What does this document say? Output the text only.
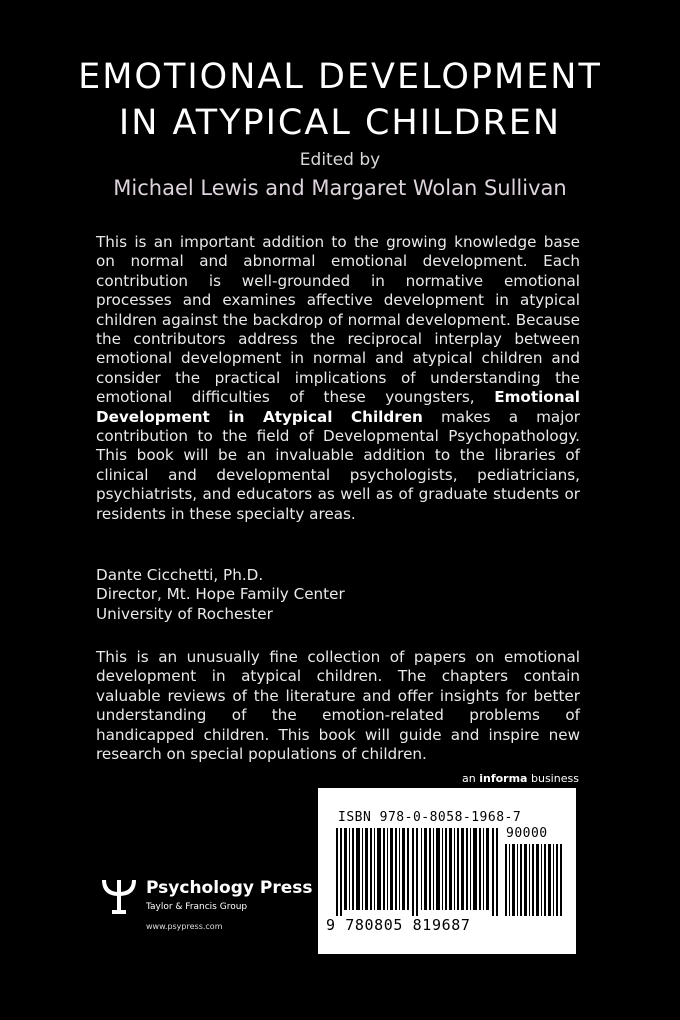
EMOTIONAL DEVELOPMENT
IN ATYPICAL CHILDREN
Edited by
Michael Lewis and Margaret Wolan Sullivan
This is an important addition to the growing knowledge base on normal and abnormal emotional development. Each contribution is well-grounded in normative emotional processes and examines affective development in atypical children against the backdrop of normal development. Because the contributors address the reciprocal interplay between emotional development in normal and atypical children and consider the practical implications of understanding the emotional difficulties of these youngsters, Emotional Development in Atypical Children makes a major contribution to the field of Developmental Psychopathology. This book will be an invaluable addition to the libraries of clinical and developmental psychologists, pediatricians, psychiatrists, and educators as well as of graduate students or residents in these specialty areas.
Dante Cicchetti, Ph.D.
Director, Mt. Hope Family Center
University of Rochester
This is an unusually fine collection of papers on emotional development in atypical children. The chapters contain valuable reviews of the literature and offer insights for better understanding of the emotion-related problems of handicapped children. This book will guide and inspire new research on special populations of children.
an informa business
ISBN 978-0-8058-1968-7
90000
9 780805 819687
Psychology Press
Taylor & Francis Group
www.psypress.com
